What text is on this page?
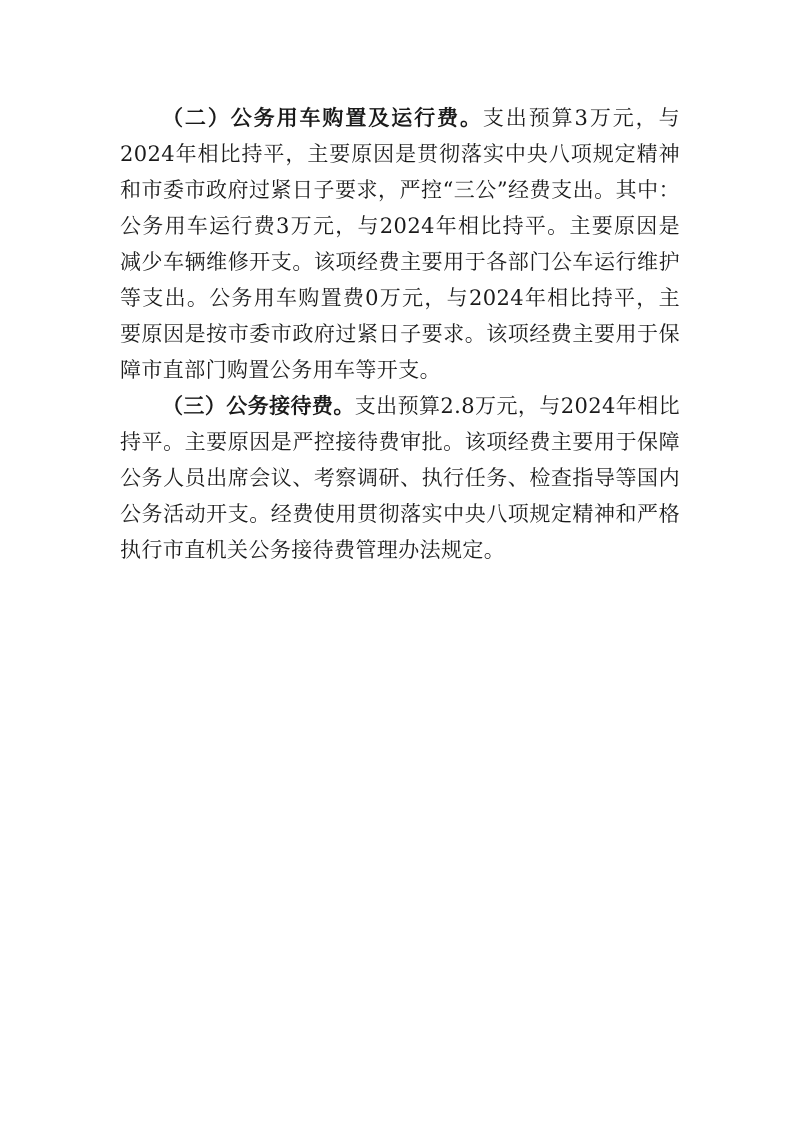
（二）公务用车购置及运行费。支出预算3万元，与2024年相比持平，主要原因是贯彻落实中央八项规定精神和市委市政府过紧日子要求，严控“三公”经费支出。其中：公务用车运行费3万元，与2024年相比持平。主要原因是减少车辆维修开支。该项经费主要用于各部门公车运行维护等支出。公务用车购置费0万元，与2024年相比持平，主要原因是按市委市政府过紧日子要求。该项经费主要用于保障市直部门购置公务用车等开支。

（三）公务接待费。支出预算2.8万元，与2024年相比持平。主要原因是严控接待费审批。该项经费主要用于保障公务人员出席会议、考察调研、执行任务、检查指导等国内公务活动开支。经费使用贯彻落实中央八项规定精神和严格执行市直机关公务接待费管理办法规定。
